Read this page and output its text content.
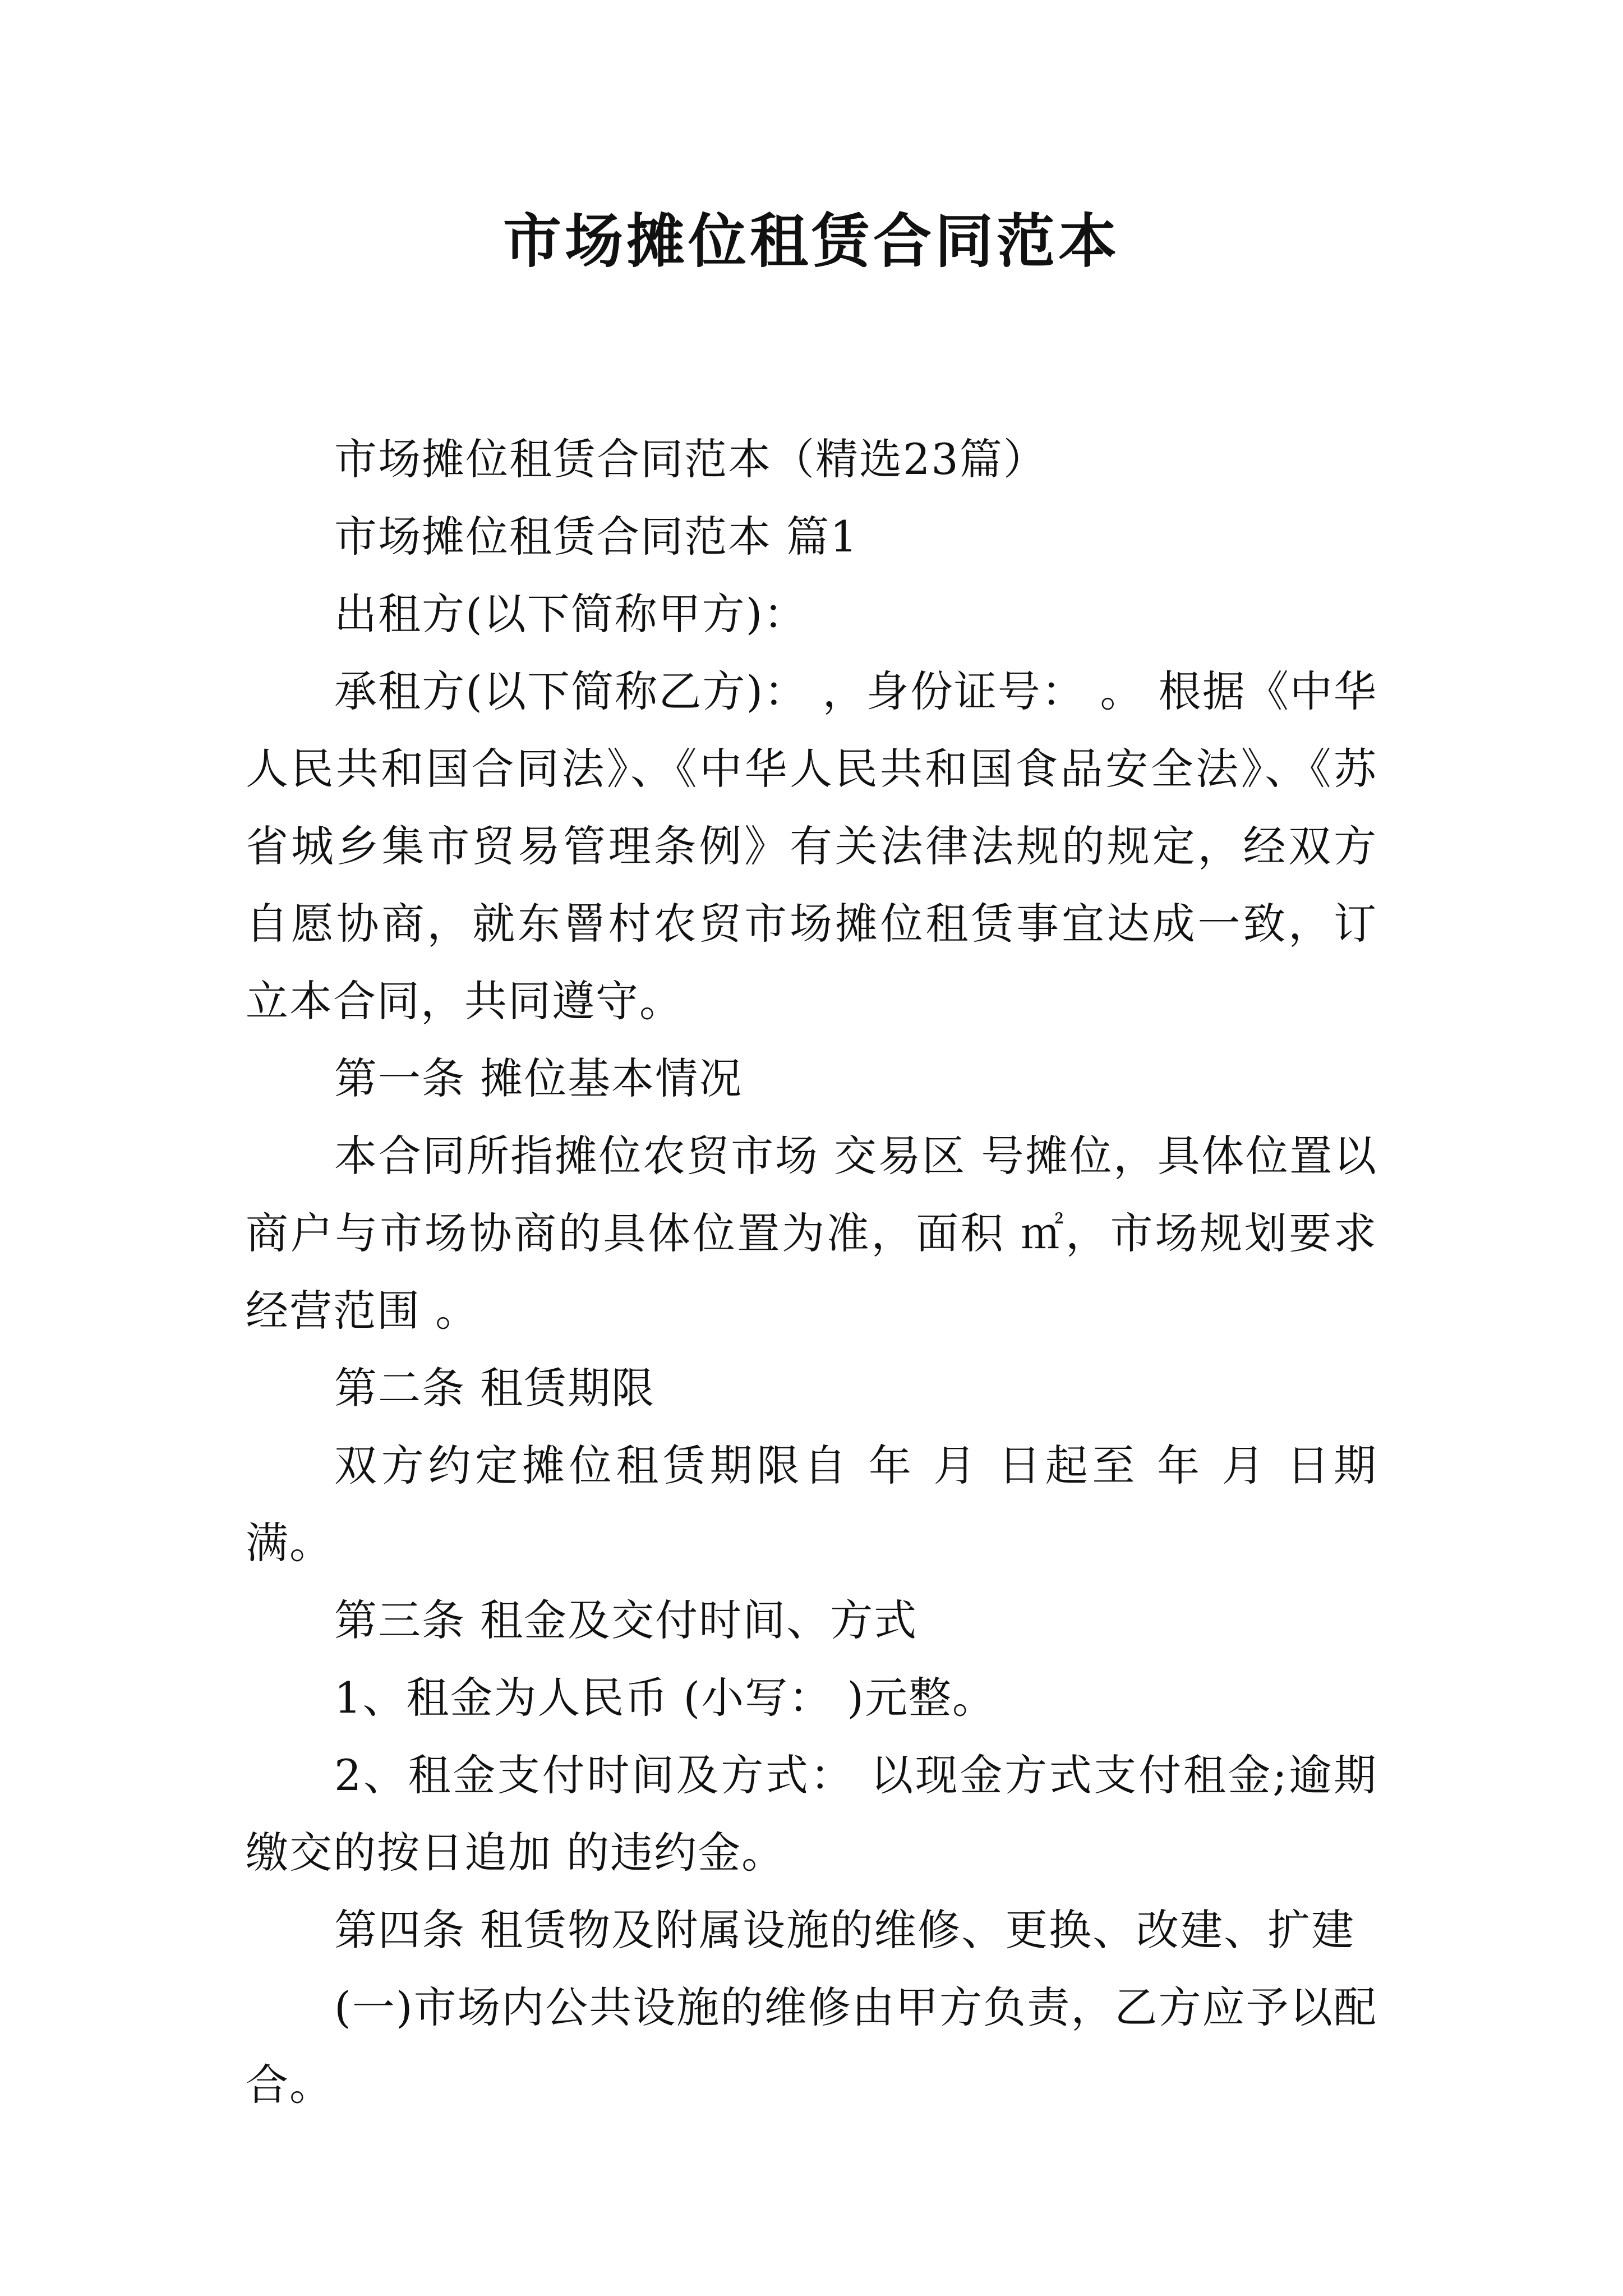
市场摊位租赁合同范本

市场摊位租赁合同范本（精选23篇）

市场摊位租赁合同范本 篇1

出租方(以下简称甲方)：

承租方(以下简称乙方)： ，身份证号： 。 根据《中华人民共和国合同法》、《中华人民共和国食品安全法》、《苏省城乡集市贸易管理条例》有关法律法规的规定，经双方自愿协商，就东罾村农贸市场摊位租赁事宜达成一致，订立本合同，共同遵守。

第一条 摊位基本情况

本合同所指摊位农贸市场 交易区 号摊位，具体位置以商户与市场协商的具体位置为准，面积 ㎡，市场规划要求经营范围 。

第二条 租赁期限

双方约定摊位租赁期限自 年 月 日起至 年 月 日期满。

第三条 租金及交付时间、方式

1、租金为人民币 (小写： )元整。

2、租金支付时间及方式： 以现金方式支付租金;逾期缴交的按日追加 的违约金。

第四条 租赁物及附属设施的维修、更换、改建、扩建

(一)市场内公共设施的维修由甲方负责，乙方应予以配合。
